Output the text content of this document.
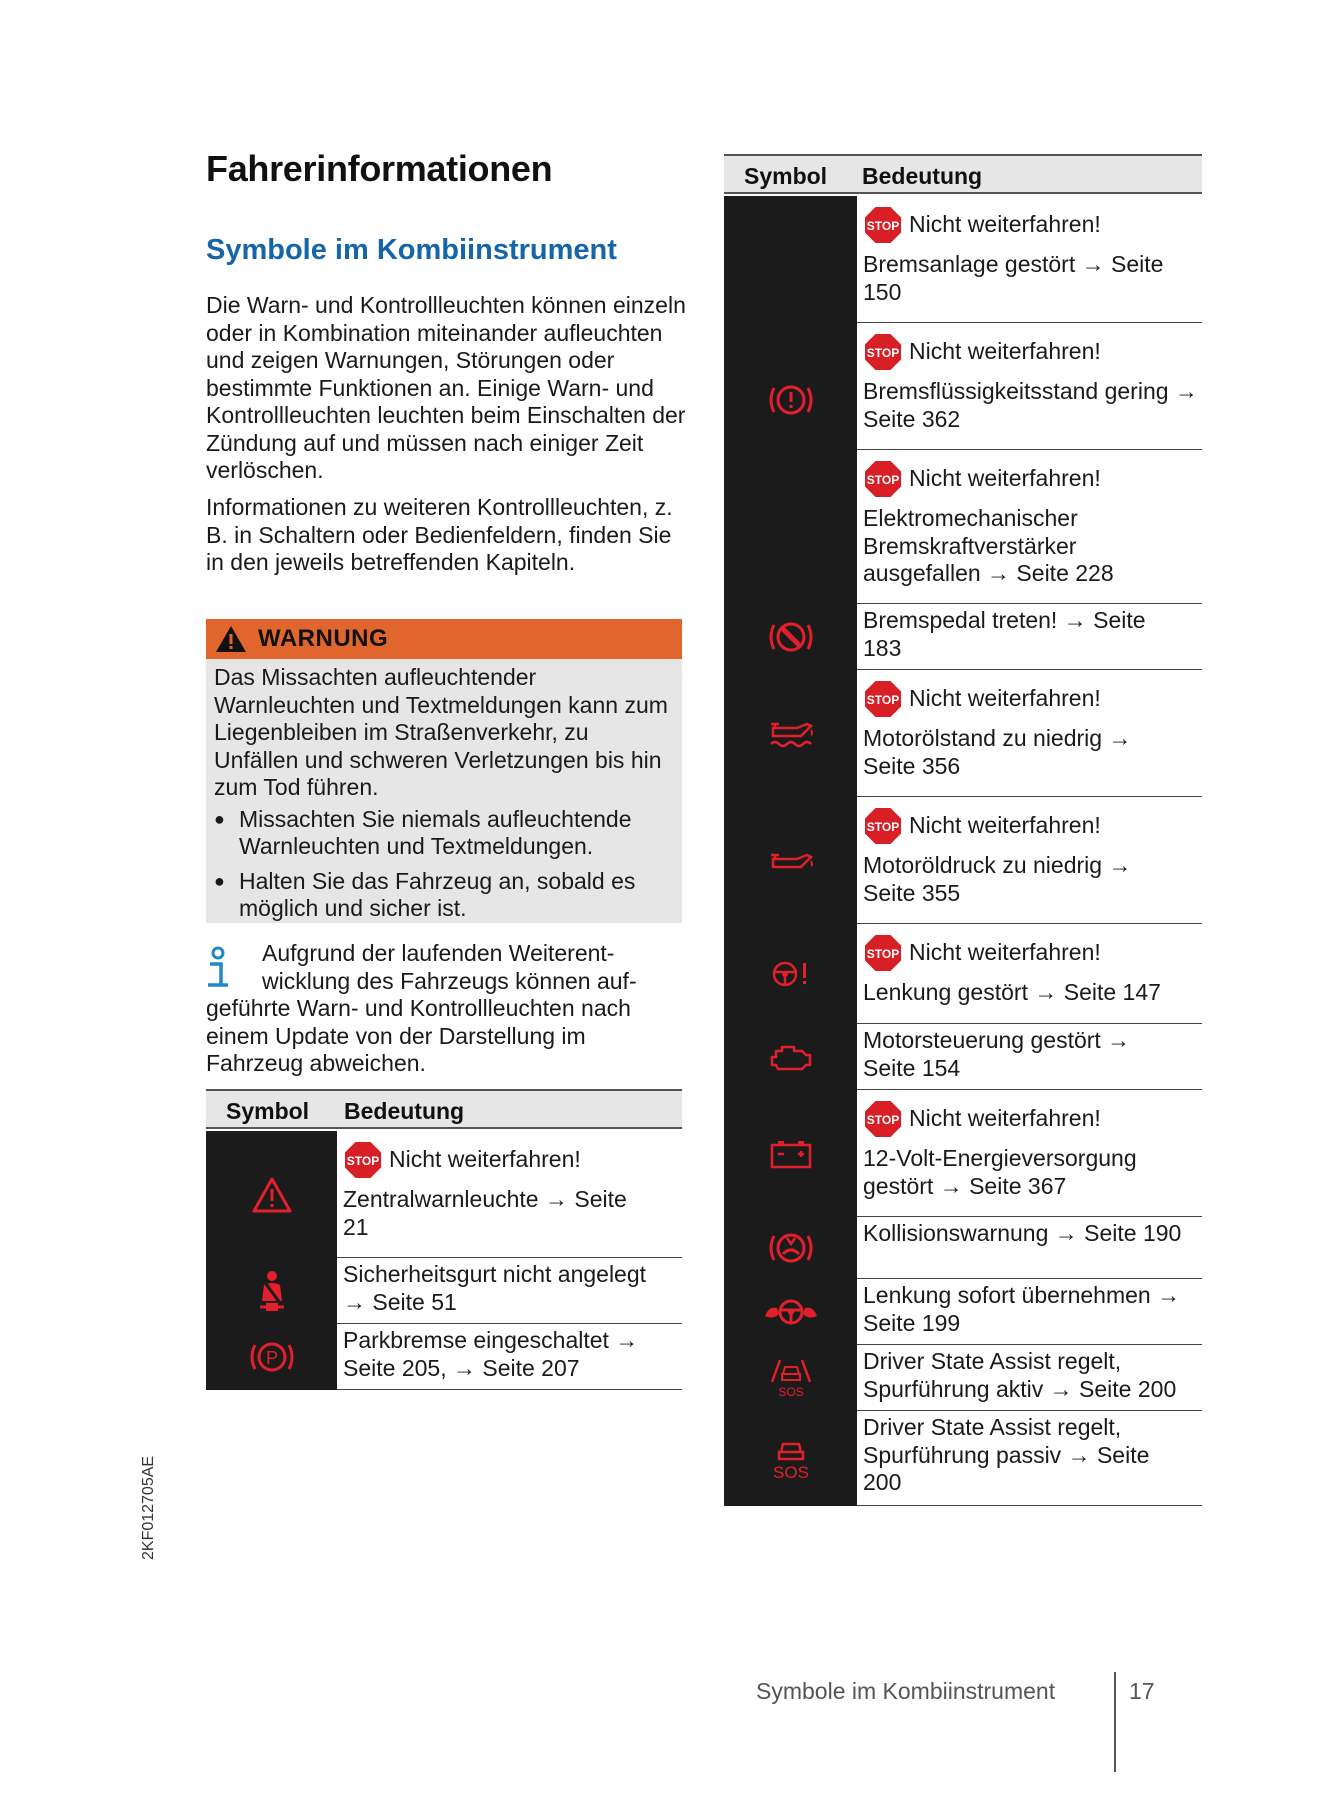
Fahrerinformationen
Symbole im Kombiinstrument
Die Warn- und Kontrollleuchten können einzeln oder in Kombination miteinander aufleuchten und zeigen Warnungen, Störungen oder bestimmte Funktionen an. Einige Warn- und Kontrollleuchten leuchten beim Einschalten der Zündung auf und müssen nach einiger Zeit verlöschen.
Informationen zu weiteren Kontrollleuchten, z. B. in Schaltern oder Bedienfeldern, finden Sie in den jeweils betreffenden Kapiteln.
WARNUNG
Das Missachten aufleuchtender Warnleuchten und Textmeldungen kann zum Liegenbleiben im Straßenverkehr, zu Unfällen und schweren Verletzungen bis hin zum Tod führen.
● Missachten Sie niemals aufleuchtende Warnleuchten und Textmeldungen.
● Halten Sie das Fahrzeug an, sobald es möglich und sicher ist.
Aufgrund der laufenden Weiterent-
wicklung des Fahrzeugs können auf-
geführte Warn- und Kontrollleuchten nach einem Update von der Darstellung im Fahrzeug abweichen.
Symbol Bedeutung
STOP Nicht weiterfahren!
Zentralwarnleuchte → Seite 21
Sicherheitsgurt nicht angelegt → Seite 51
P
Parkbremse eingeschaltet → Seite 205, → Seite 207
Symbol Bedeutung
STOP Nicht weiterfahren!
Bremsanlage gestört → Seite 150
STOP Nicht weiterfahren!
Bremsflüssigkeitsstand gering → Seite 362
STOP Nicht weiterfahren!
Elektromechanischer Bremskraftverstärker ausgefallen → Seite 228
Bremspedal treten! → Seite 183
STOP Nicht weiterfahren!
Motorölstand zu niedrig → Seite 356
STOP Nicht weiterfahren!
Motoröldruck zu niedrig → Seite 355
STOP Nicht weiterfahren!
Lenkung gestört → Seite 147
Motorsteuerung gestört → Seite 154
STOP Nicht weiterfahren!
12-Volt-Energieversorgung gestört → Seite 367
Kollisionswarnung → Seite 190
Lenkung sofort übernehmen → Seite 199
SOS
Driver State Assist regelt, Spurführung aktiv → Seite 200
SOS
Driver State Assist regelt, Spurführung passiv → Seite 200
2KF012705AE
Symbole im Kombiinstrument	17
